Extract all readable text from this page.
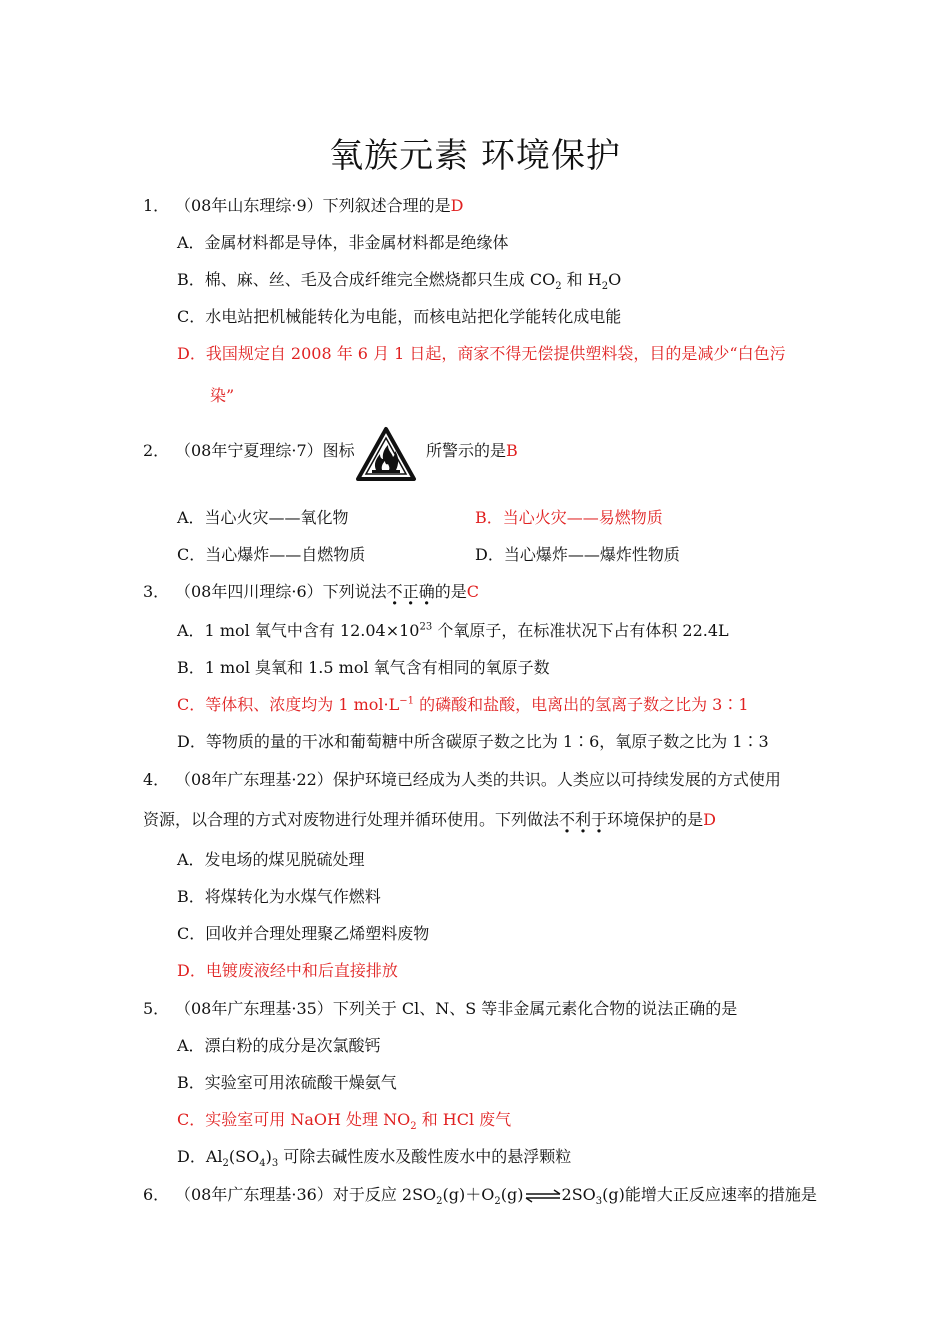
氧族元素 环境保护
1． （08年山东理综·9）下列叙述合理的是D
A．金属材料都是导体，非金属材料都是绝缘体
B．棉、麻、丝、毛及合成纤维完全燃烧都只生成 $CO_2$ 和 $H_2O$
C．水电站把机械能转化为电能，而核电站把化学能转化成电能
D．我国规定自 2008 年 6 月 1 日起，商家不得无偿提供塑料袋，目的是减少“白色污
染”
2． （08年宁夏理综·7）图标	所警示的是B
A．当心火灾——氧化物	B．当心火灾——易燃物质
C．当心爆炸——自燃物质	D．当心爆炸——爆炸性物质
3． （08年四川理综·6）下列说法不正确的是C
A．1 mol 氧气中含有 $12.04\times 10^{23}$ 个氧原子，在标准状况下占有体积 22.4L
B．1 mol 臭氧和 1.5 mol 氧气含有相同的氧原子数
C．等体积、浓度均为 1 $mol\cdot L^{-1}$ 的磷酸和盐酸，电离出的氢离子数之比为 3∶1
D．等物质的量的干冰和葡萄糖中所含碳原子数之比为 1∶6，氧原子数之比为 1∶3
4． （08年广东理基·22）保护环境已经成为人类的共识。人类应以可持续发展的方式使用
资源，以合理的方式对废物进行处理并循环使用。下列做法不利于环境保护的是D
A．发电场的煤见脱硫处理
B．将煤转化为水煤气作燃料
C．回收并合理处理聚乙烯塑料废物
D．电镀废液经中和后直接排放
5． （08年广东理基·35）下列关于 Cl、N、S 等非金属元素化合物的说法正确的是
A．漂白粉的成分是次氯酸钙
B．实验室可用浓硫酸干燥氨气
C．实验室可用 NaOH 处理 $NO_2$ 和 HCl 废气
D．$Al_2(SO_4)_3$ 可除去碱性废水及酸性废水中的悬浮颗粒
6． （08年广东理基·36）对于反应 $2SO_2(g)+O_2(g)\rightleftharpoons 2SO_3(g)$能增大正反应速率的措施是
